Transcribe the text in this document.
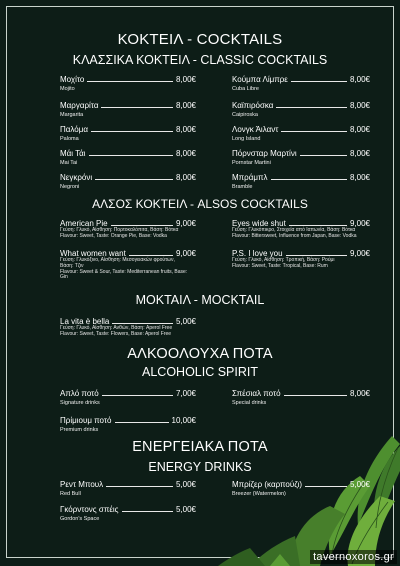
ΚΟΚΤΕΙΛ - COCKTAILS
ΚΛΑΣΣΙΚΑ ΚΟΚΤΕΙΛ - CLASSIC COCKTAILS
Μοχίτο	8,00€
Mojito
Μαργαρίτα	8,00€
Margarita
Παλόμα	8,00€
Paloma
Μάι Τάι	8,00€
Mai Tai
Νεγκρόνι	8,00€
Negroni
Κούμπα Λίμπρε	8,00€
Cuba Libre
Καϊπιρόσκα	8,00€
Caipiroska
Λονγκ Άιλαντ	8,00€
Long Island
Πόρνσταρ Μαρτίνι	8,00€
Pornstar Martini
Μπράμπλ	8,00€
Bramble
ΑΛΣΟΣ ΚΟΚΤΕΙΛ - ALSOS COCKTAILS
American Pie	9,00€
Γεύση: Γλυκό, Αίσθηση: Πορτοκαλόπιτα, Βάση: Βότκα
Flavour: Sweet, Taste: Orange Pie, Base: Vodka
What women want	9,00€
Γεύση: Γλυκόξινο, Αίσθηση: Μεσογειακών φρούτων, Βάση: Τζιν
Flavour: Sweet & Sour, Taste: Mediterranean fruits, Base: Gin
Eyes wide shut	9,00€
Γεύση: Γλυκόπικρο, Στοιχεία από Ιαπωνία, Βάση: Βότκα
Flavour: Bittersweet, Influence from Japan, Base: Vodka
P.S. I love you	9,00€
Γεύση: Γλυκό, Αίσθηση: Τροπική, Βάση: Ρούμι
Flavour: Sweet, Taste: Tropical, Base: Rum
ΜΟΚΤΑΙΛ - MOCKTAIL
La vita è bella	5,00€
Γεύση: Γλυκό, Αίσθηση: Ανθών, Βάση: Aperol Free
Flavour: Sweet, Taste: Flowers, Base: Aperol Free
ΑΛΚΟΟΛΟΥΧΑ ΠΟΤΑ
ALCOHOLIC SPIRIT
Απλό ποτό	7,00€
Signature drinks
Σπέσιαλ ποτό	8,00€
Special drinks
Πρίμιουμ ποτό	10,00€
Premium drinks
ΕΝΕΡΓΕΙΑΚΑ ΠΟΤΑ
ENERGY DRINKS
Ρεντ Μπουλ	5,00€
Red Bull
Μπρίζερ (καρπούζι)	5,00€
Breezer (Watermelon)
Γκόρντονς σπέις	5,00€
Gordon's Space
tavernoxoros.gr
